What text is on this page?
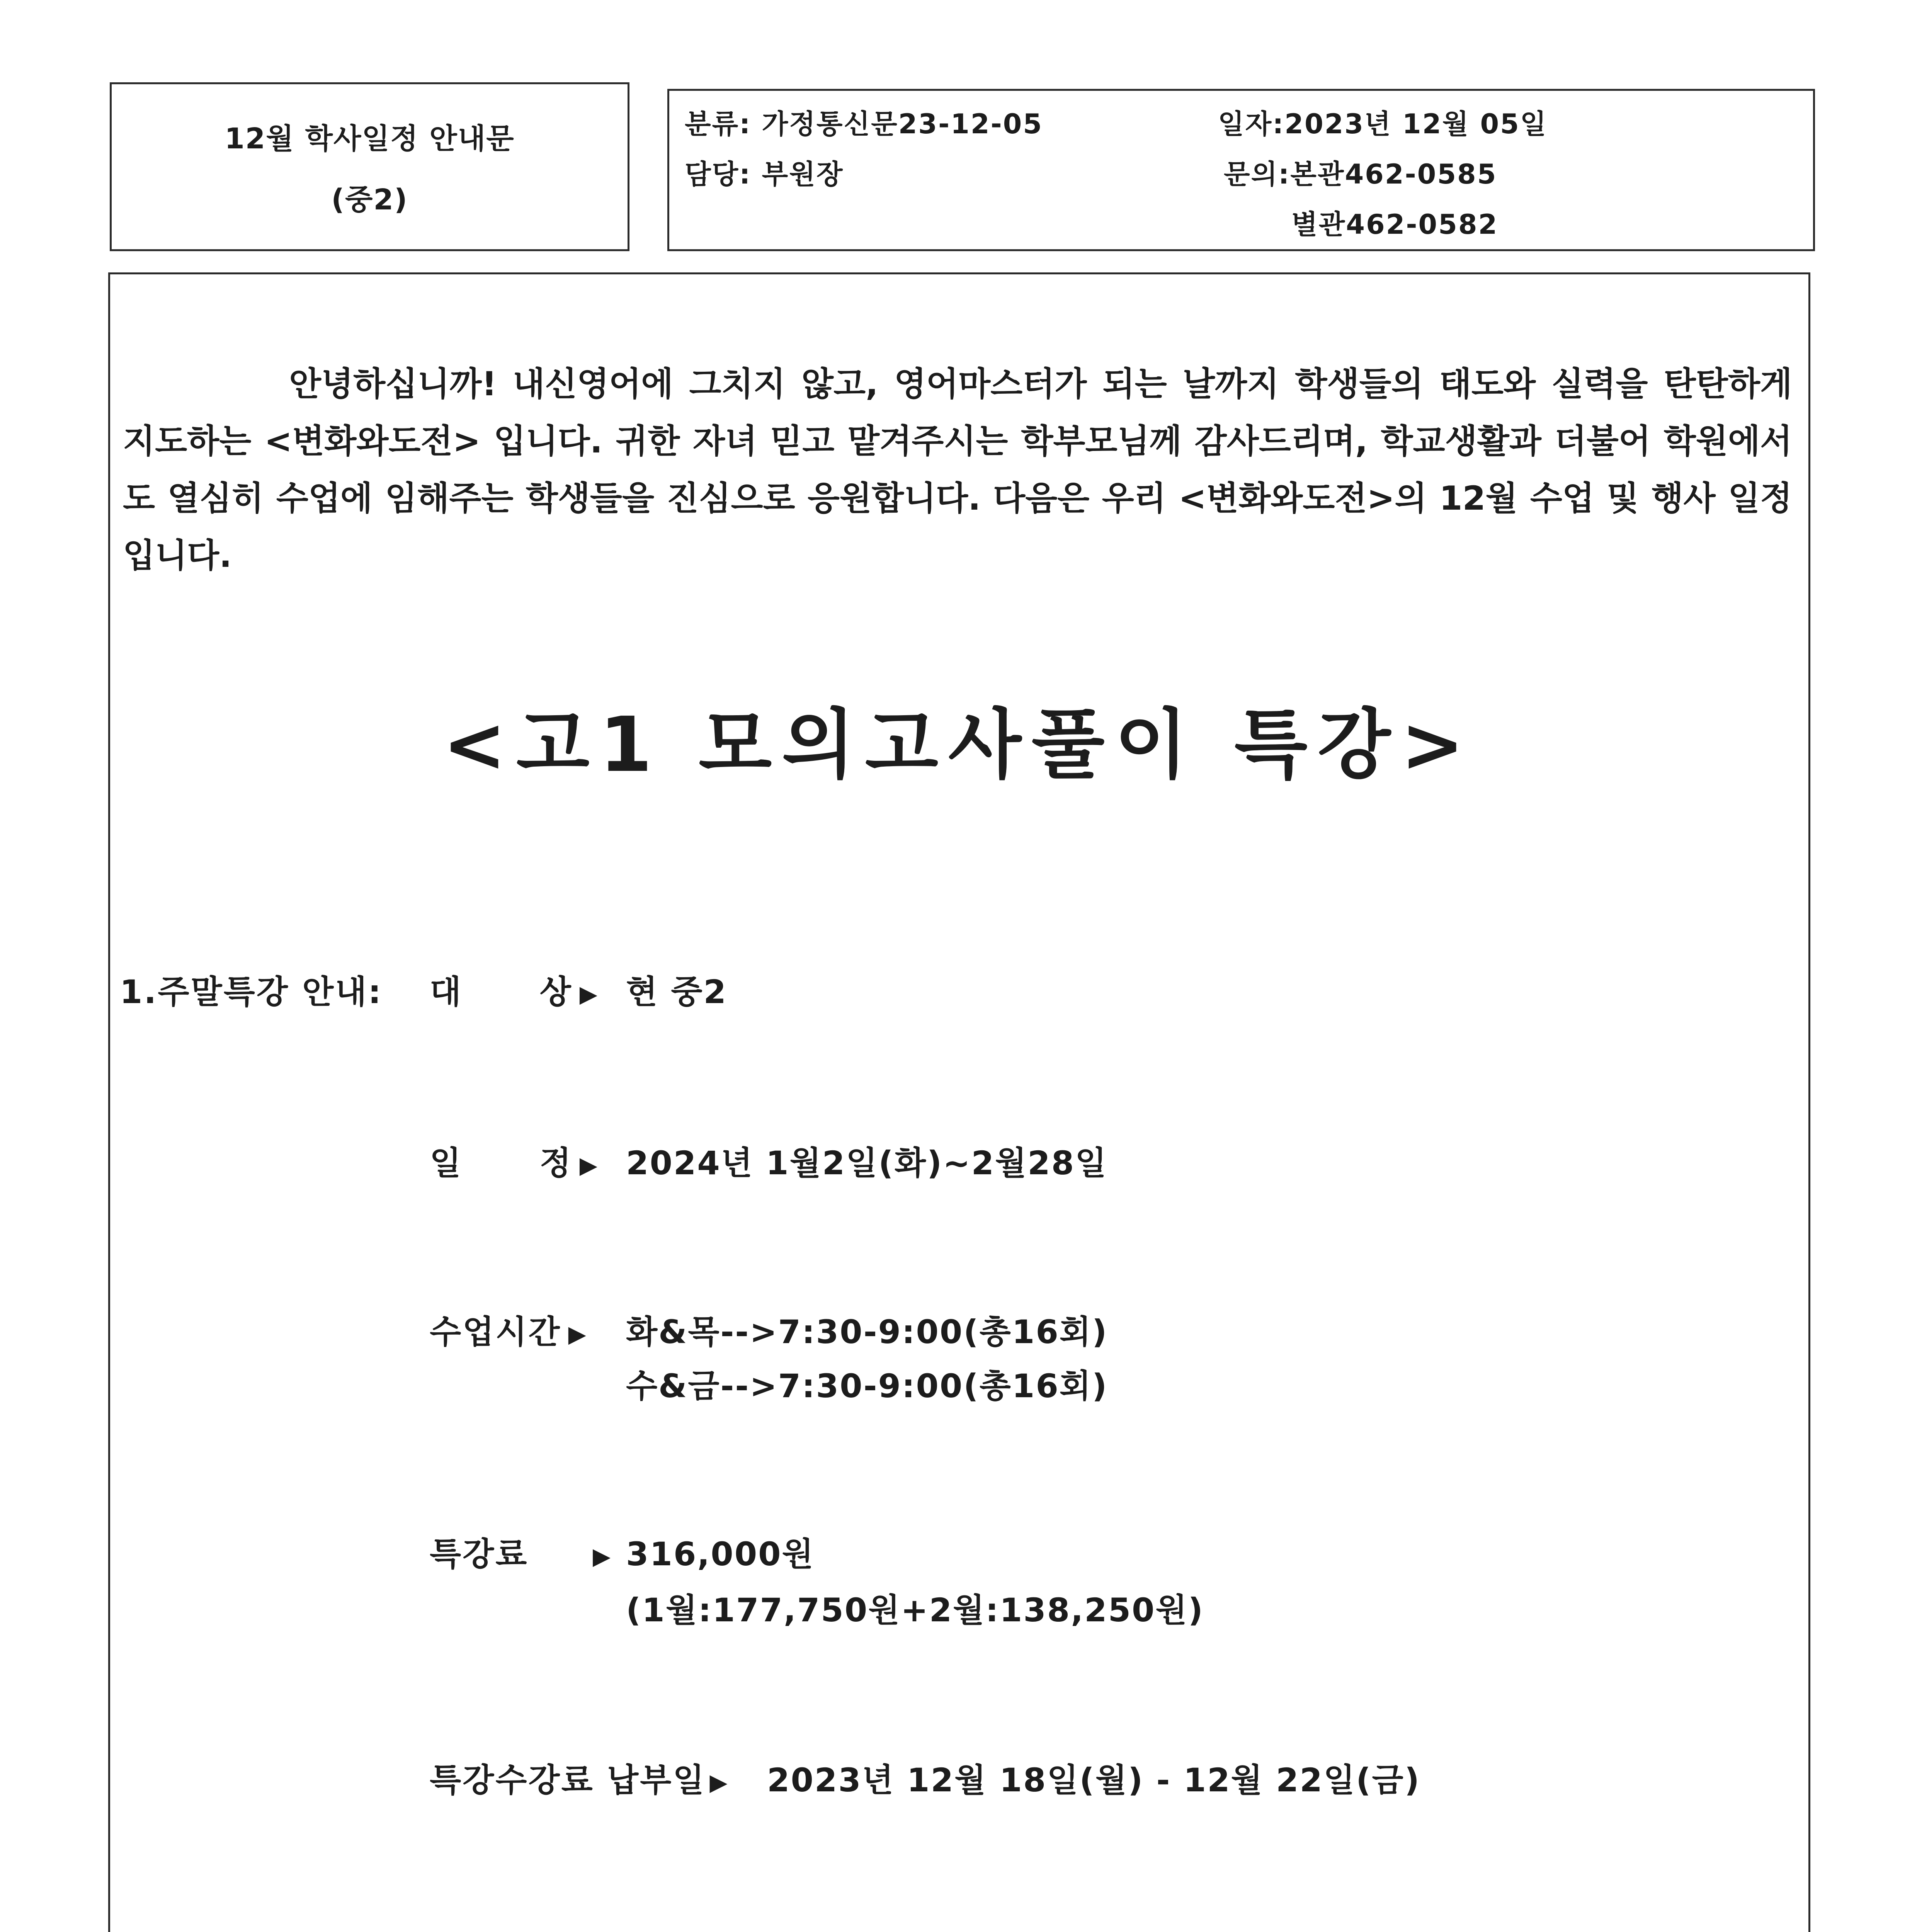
12월 학사일정 안내문
(중2)
분류: 가정통신문23-12-05
담당: 부원장
일자:2023년 12월 05일
문의:본관462-0585
별관462-0582
안녕하십니까! 내신영어에 그치지 않고, 영어마스터가 되는 날까지 학생들의 태도와 실력을 탄탄하게 지도하는 <변화와도전> 입니다. 귀한 자녀 믿고 맡겨주시는 학부모님께 감사드리며, 학교생활과 더불어 학원에서도 열심히 수업에 임해주는 학생들을 진심으로 응원합니다. 다음은 우리 <변화와도전>의 12월 수업 및 행사 일정입니다.
<고1 모의고사풀이 특강>
1.주말특강 안내: 대      상 ▶ 현 중2
일      정 ▶ 2024년 1월2일(화)~2월28일
수업시간 ▶ 화&목-->7:30-9:00(총16회)
수&금-->7:30-9:00(총16회)
특강료  ▶ 316,000원
(1월:177,750원+2월:138,250원)
특강수강료 납부일 ▶ 2023년 12월 18일(월) - 12월 22일(금)
